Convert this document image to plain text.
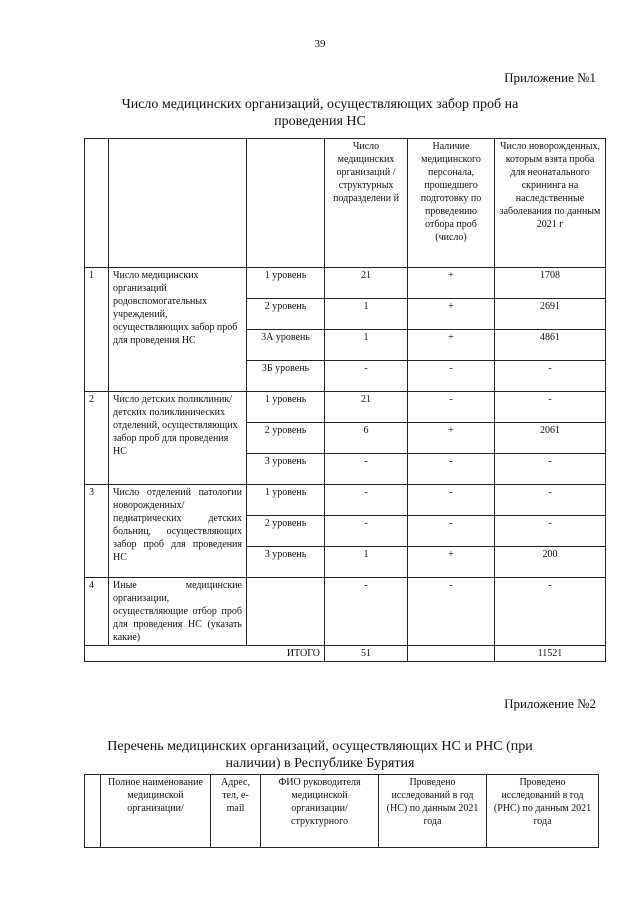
39
Приложение №1
Число медицинских организаций, осуществляющих забор проб на
проведения НС
			Число медицинских организаций /структурных подразделени й	Наличие медицинского персонала, прошедшего подготовку по проведению отбора проб (число)	Число новорожденных, которым взята проба для неонатального скрининга на наследственные заболевания по данным 2021 г
1	Число медицинских организаций родовспомогательных учреждений, осуществляющих забор проб для проведения НС	1 уровень	21	+	1708
		2 уровень	1	+	2691
		3А уровень	1	+	4861
		3Б уровень	-	-	-
2	Число детских поликлиник/детских поликлинических отделений, осуществляющих забор проб для проведения НС	1 уровень	21	-	-
		2 уровень	6	+	2061
		3 уровень	-	-	-
3	Число отделений патологии новорожденных/педиатрических детских больниц, осуществляющих забор проб для проведения НС	1 уровень	-	-	-
		2 уровень	-	-	-
		3 уровень	1	+	200
4	Иные медицинские организации, осуществляющие отбор проб для проведения НС (указать какие)		-	-	-
ИТОГО			51		11521
Приложение №2
Перечень медицинских организаций, осуществляющих НС и РНС (при
наличии) в Республике Бурятия
	Полное наименование медицинской организации/	Адрес, тел, e-mail	ФИО руководителя медицинской организации/ структурного	Проведено исследований в год (НС) по данным 2021 года	Проведено исследований в год (РНС) по данным 2021 года
